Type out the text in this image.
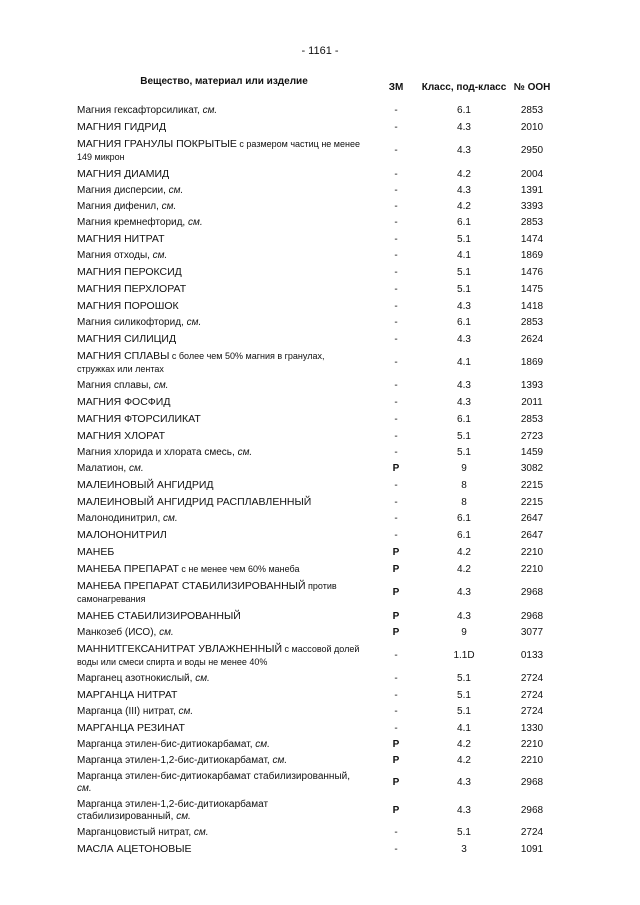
- 1161 -
Вещество, материал или изделие	ЗМ	Класс, под-класс	№ ООН
Магния гексафторсиликат, см.	-	6.1	2853
МАГНИЯ ГИДРИД	-	4.3	2010
МАГНИЯ ГРАНУЛЫ ПОКРЫТЫЕ с размером частиц не менее 149 микрон	-	4.3	2950
МАГНИЯ ДИАМИД	-	4.2	2004
Магния дисперсии, см.	-	4.3	1391
Магния дифенил, см.	-	4.2	3393
Магния кремнефторид, см.	-	6.1	2853
МАГНИЯ НИТРАТ	-	5.1	1474
Магния отходы, см.	-	4.1	1869
МАГНИЯ ПЕРОКСИД	-	5.1	1476
МАГНИЯ ПЕРХЛОРАТ	-	5.1	1475
МАГНИЯ ПОРОШОК	-	4.3	1418
Магния силикофторид, см.	-	6.1	2853
МАГНИЯ СИЛИЦИД	-	4.3	2624
МАГНИЯ СПЛАВЫ с более чем 50% магния в гранулах, стружках или лентах	-	4.1	1869
Магния сплавы, см.	-	4.3	1393
МАГНИЯ ФОСФИД	-	4.3	2011
МАГНИЯ ФТОРСИЛИКАТ	-	6.1	2853
МАГНИЯ ХЛОРАТ	-	5.1	2723
Магния хлорида и хлората смесь, см.	-	5.1	1459
Малатион, см.	P	9	3082
МАЛЕИНОВЫЙ АНГИДРИД	-	8	2215
МАЛЕИНОВЫЙ АНГИДРИД РАСПЛАВЛЕННЫЙ	-	8	2215
Малонодинитрил, см.	-	6.1	2647
МАЛОНОНИТРИЛ	-	6.1	2647
МАНЕБ	P	4.2	2210
МАНЕБА ПРЕПАРАТ с не менее чем 60% манеба	P	4.2	2210
МАНЕБА ПРЕПАРАТ СТАБИЛИЗИРОВАННЫЙ против самонагревания	P	4.3	2968
МАНЕБ СТАБИЛИЗИРОВАННЫЙ	P	4.3	2968
Манкозеб (ИСО), см.	P	9	3077
МАННИТГЕКСАНИТРАТ УВЛАЖНЕННЫЙ с массовой долей воды или смеси спирта и воды не менее 40%	-	1.1D	0133
Марганец азотнокислый, см.	-	5.1	2724
МАРГАНЦА НИТРАТ	-	5.1	2724
Марганца (III) нитрат, см.	-	5.1	2724
МАРГАНЦА РЕЗИНАТ	-	4.1	1330
Марганца этилен-бис-дитиокарбамат, см.	P	4.2	2210
Марганца этилен-1,2-бис-дитиокарбамат, см.	P	4.2	2210
Марганца этилен-бис-дитиокарбамат стабилизированный, см.	P	4.3	2968
Марганца этилен-1,2-бис-дитиокарбамат стабилизированный, см.	P	4.3	2968
Марганцовистый нитрат, см.	-	5.1	2724
МАСЛА АЦЕТОНОВЫЕ	-	3	1091
